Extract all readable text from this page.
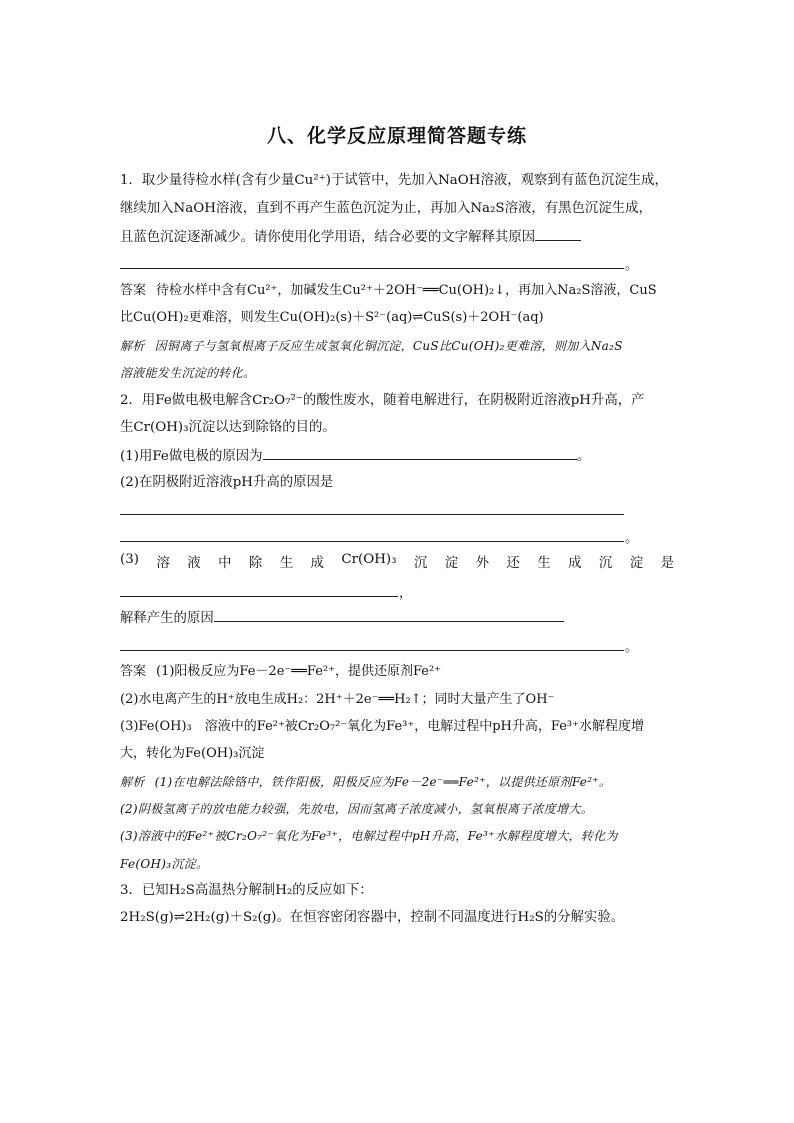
八、化学反应原理简答题专练
1．取少量待检水样(含有少量Cu²⁺)于试管中，先加入NaOH溶液，观察到有蓝色沉淀生成，
继续加入NaOH溶液，直到不再产生蓝色沉淀为止，再加入Na₂S溶液，有黑色沉淀生成，
且蓝色沉淀逐渐减少。请你使用化学用语，结合必要的文字解释其原因
。
答案 待检水样中含有Cu²⁺，加碱发生Cu²⁺＋2OH⁻══Cu(OH)₂↓，再加入Na₂S溶液，CuS
比Cu(OH)₂更难溶，则发生Cu(OH)₂(s)＋S²⁻(aq)⇌CuS(s)＋2OH⁻(aq)
解析 因铜离子与氢氧根离子反应生成氢氧化铜沉淀，CuS比Cu(OH)₂更难溶，则加入Na₂S
溶液能发生沉淀的转化。
2．用Fe做电极电解含Cr₂O₇²⁻的酸性废水，随着电解进行，在阴极附近溶液pH升高，产
生Cr(OH)₃沉淀以达到除铬的目的。
(1)用Fe做电极的原因为	。
(2)在阴极附近溶液pH升高的原因是
。
(3) 溶 液 中 除 生 成 Cr(OH)₃ 沉 淀 外 还 生 成 沉 淀 是
，
解释产生的原因
。
答案 (1)阳极反应为Fe－2e⁻══Fe²⁺，提供还原剂Fe²⁺
(2)水电离产生的H⁺放电生成H₂：2H⁺＋2e⁻══H₂↑；同时大量产生了OH⁻
(3)Fe(OH)₃　溶液中的Fe²⁺被Cr₂O₇²⁻氧化为Fe³⁺，电解过程中pH升高，Fe³⁺水解程度增
大，转化为Fe(OH)₃沉淀
解析 (1)在电解法除铬中，铁作阳极，阳极反应为Fe－2e⁻══Fe²⁺，以提供还原剂Fe²⁺。
(2)阴极氢离子的放电能力较强，先放电，因而氢离子浓度减小，氢氧根离子浓度增大。
(3)溶液中的Fe²⁺被Cr₂O₇²⁻氧化为Fe³⁺，电解过程中pH升高，Fe³⁺水解程度增大，转化为
Fe(OH)₃沉淀。
3．已知H₂S高温热分解制H₂的反应如下：
2H₂S(g)⇌2H₂(g)＋S₂(g)。在恒容密闭容器中，控制不同温度进行H₂S的分解实验。
